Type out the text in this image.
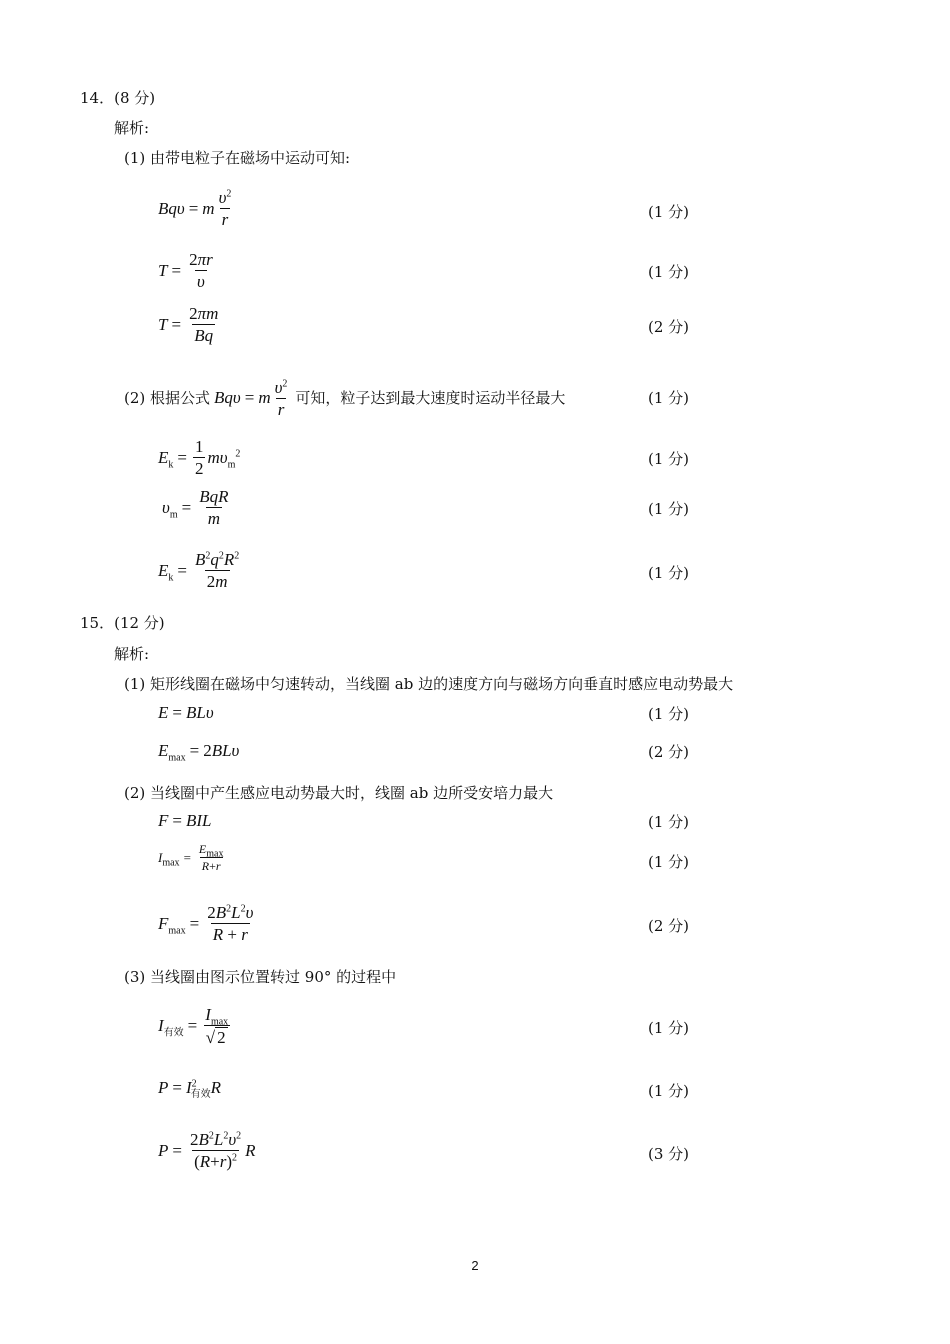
14．(8 分)
解析:
(1) 由带电粒子在磁场中运动可知:
Bqυ = m $\frac{\upsilon^2}{r}$	(1 分)
$T = \frac{2\pi r}{\upsilon}$	(1 分)
$T = \frac{2\pi m}{Bq}$	(2 分)
(2) 根据公式 Bqυ = m $\frac{\upsilon^2}{r}$ 可知，粒子达到最大速度时运动半径最大	(1 分)
$E_k = \frac{1}{2} m\upsilon_m^2$	(1 分)
$\upsilon_m = \frac{\text{BqR}}{m}$	(1 分)
$E_k = \frac{B^2q^2R^2}{2m}$	(1 分)
15．(12 分)
解析:
(1) 矩形线圈在磁场中匀速转动，当线圈 ab 边的速度方向与磁场方向垂直时感应电动势最大
E = BLυ	(1 分)
$E_{max} = 2BL\upsilon$	(2 分)
(2) 当线圈中产生感应电动势最大时，线圈 ab 边所受安培力最大
F = BIL	(1 分)
$I_{max} = \frac{E_{max}}{R+r}$	(1 分)
$F_{max} = \frac{2B^2L^2\upsilon}{R + r}$	(2 分)
(3) 当线圈由图示位置转过 90° 的过程中
$I_{有效} = \frac{I_{max}}{√ 2}$	(1 分)
$P = I^2_{有效}R$	(1 分)
$P = \frac{2B^2L^2\upsilon^2}{(R+r)^2}$ R	(3 分)
2
